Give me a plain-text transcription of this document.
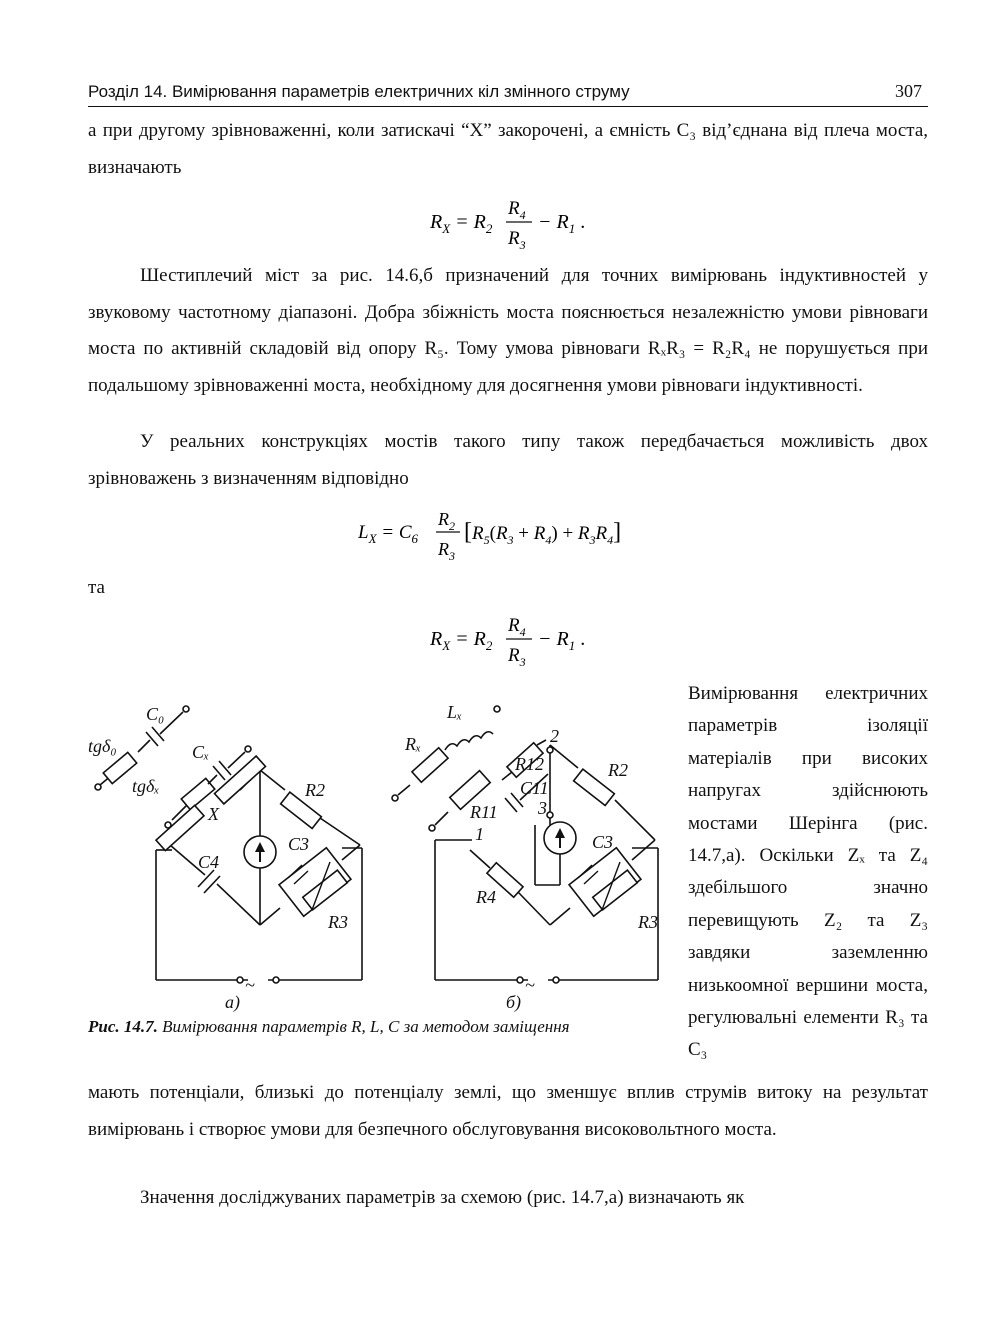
Розділ 14. Вимірювання параметрів електричних кіл змінного струму	307
а при другому зрівноваженні, коли затискачі “X” закорочені, а ємність C₃ від’єднана від плеча моста, визначають
$R_X = R_2$
$R_4$
$R_3$
− $R_1$ .
Шестиплечий міст за рис. 14.6,б призначений для точних вимірювань індуктивностей у звуковому частотному діапазоні. Добра збіжність моста пояснюється незалежністю умови рівноваги моста по активній складовій від опору R₅. Тому умова рівноваги RₓR₃ = R₂R₄ не порушується при подальшому зрівноваженні моста, необхідному для досягнення умови рівноваги індуктивності.
У реальних конструкціях мостів такого типу також передбачається можливість двох зрівноважень з визначенням відповідно
$L_X = C_6$
$R_2$
$R_3$
$[R_5(R_3 + R_4) + R_3R_4]$
та
$R_X = R_2$
$R_4$
$R_3$
− $R_1$ .
C₀
tgδ₀	Cₓ
tgδₓ
X
R2
C3
C4
R3
~
а)
Lₓ
Rₓ	2
R12	R2
C11
R11 3
1	C3
R4
R3
~
б)
Рис. 14.7. Вимірювання параметрів R, L, C за методом заміщення

Вимірювання електричних параметрів ізоляції матеріалів при високих напругах здійснюють мостами Шерінга (рис. 14.7,а). Оскільки Zₓ та Z₄ здебільшого значно перевищують Z₂ та Z₃ завдяки заземленню низькоомної вершини моста, регулювальні елементи R₃ та C₃

мають потенціали, близькі до потенціалу землі, що зменшує вплив струмів витоку на результат вимірювань і створює умови для безпечного обслуговування високовольтного моста.
Значення досліджуваних параметрів за схемою (рис. 14.7,а) визначають як
